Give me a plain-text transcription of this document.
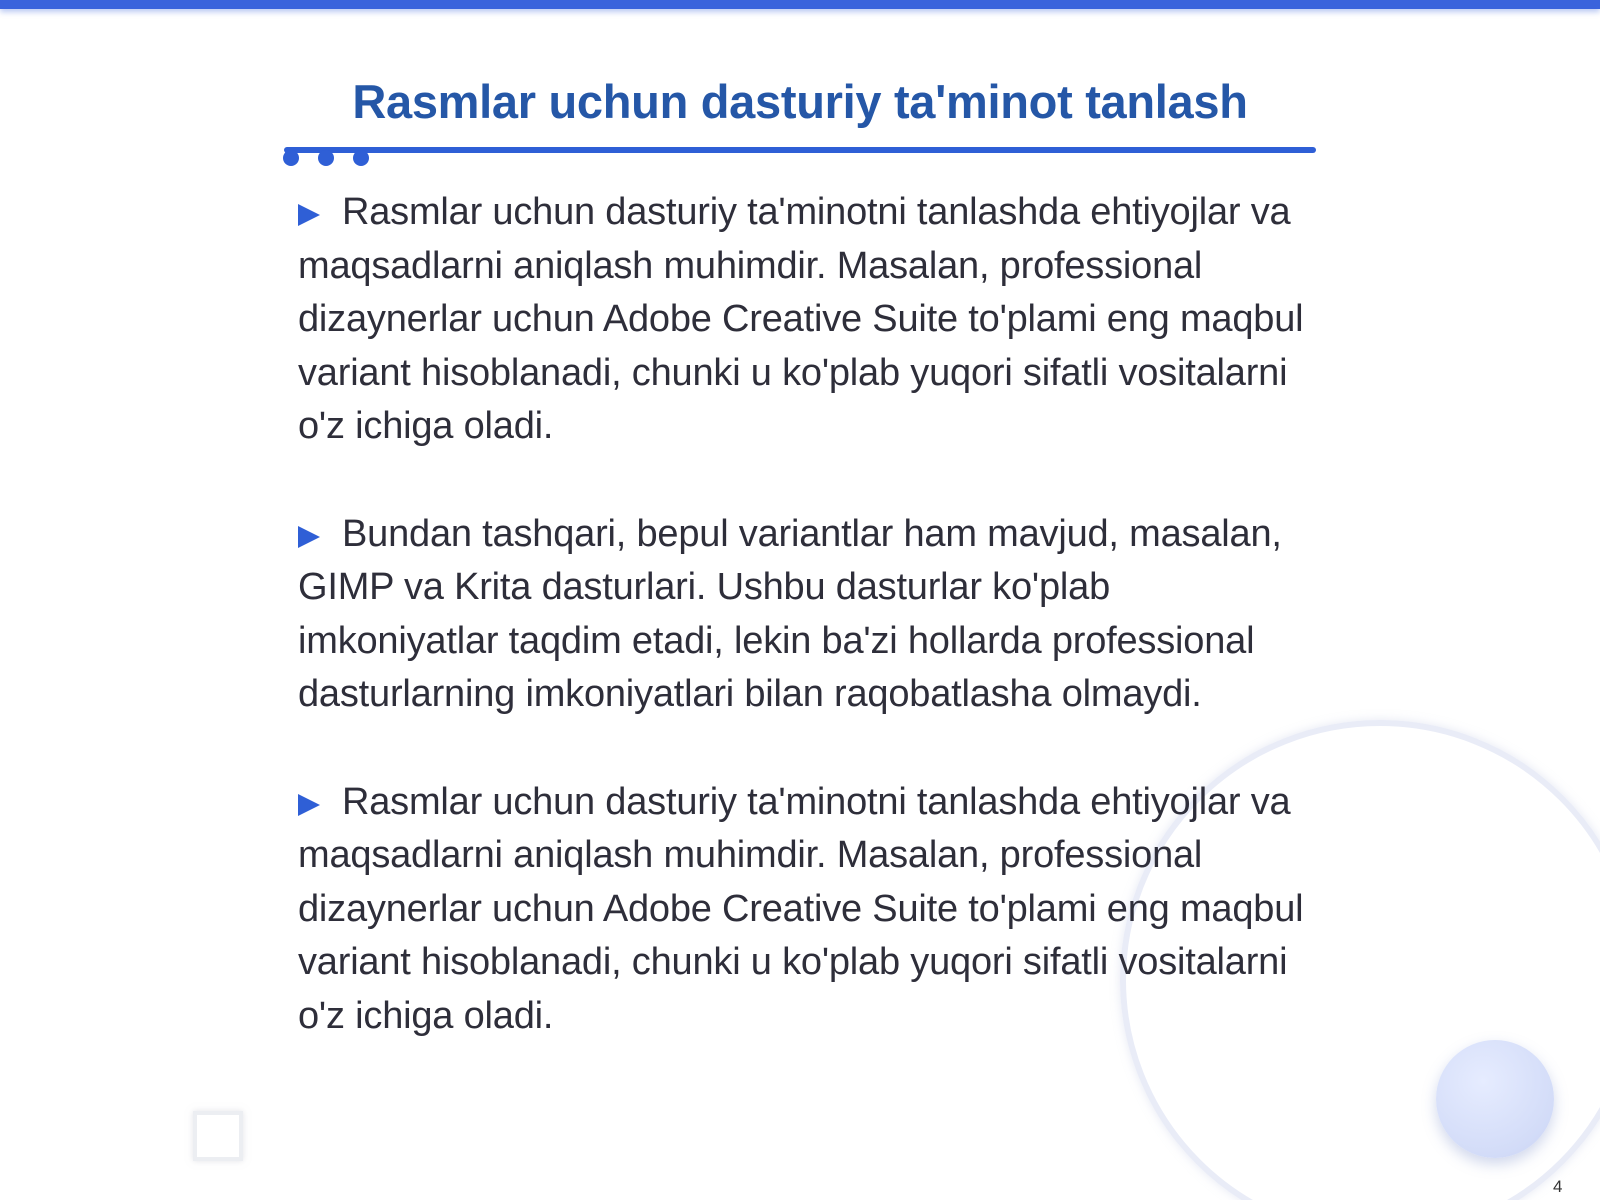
Rasmlar uchun dasturiy ta'minot tanlash

Rasmlar uchun dasturiy ta'minotni tanlashda ehtiyojlar va maqsadlarni aniqlash muhimdir. Masalan, professional dizaynerlar uchun Adobe Creative Suite to'plami eng maqbul variant hisoblanadi, chunki u ko'plab yuqori sifatli vositalarni o'z ichiga oladi.

Bundan tashqari, bepul variantlar ham mavjud, masalan, GIMP va Krita dasturlari. Ushbu dasturlar ko'plab imkoniyatlar taqdim etadi, lekin ba'zi hollarda professional dasturlarning imkoniyatlari bilan raqobatlasha olmaydi.

Rasmlar uchun dasturiy ta'minotni tanlashda ehtiyojlar va maqsadlarni aniqlash muhimdir. Masalan, professional dizaynerlar uchun Adobe Creative Suite to'plami eng maqbul variant hisoblanadi, chunki u ko'plab yuqori sifatli vositalarni o'z ichiga oladi.

4
